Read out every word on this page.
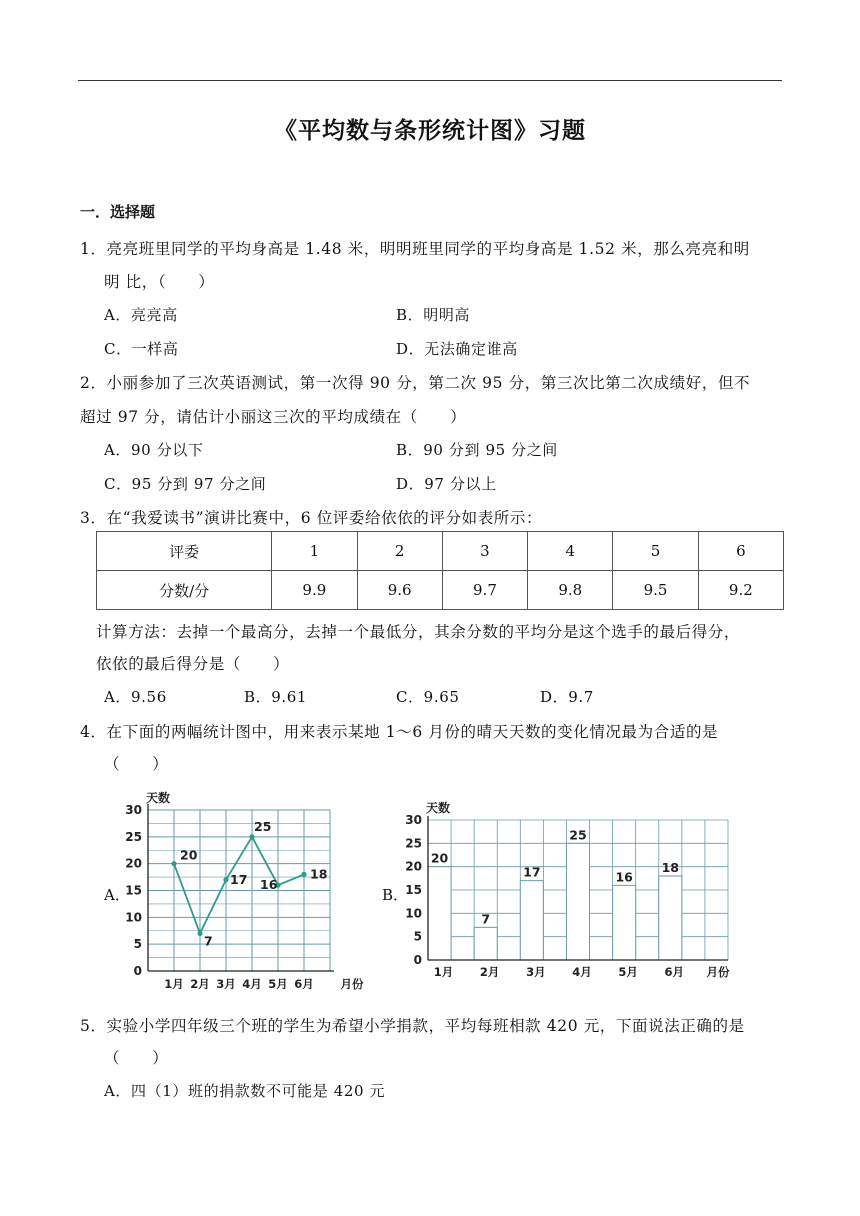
《平均数与条形统计图》习题
一．选择题
1．亮亮班里同学的平均身高是 1.48 米，明明班里同学的平均身高是 1.52 米，那么亮亮和明
明 比，（　　）
A．亮亮高	B．明明高
C．一样高	D．无法确定谁高
2．小丽参加了三次英语测试，第一次得 90 分，第二次 95 分，第三次比第二次成绩好，但不
超过 97 分，请估计小丽这三次的平均成绩在（　　）
A．90 分以下	B．90 分到 95 分之间
C．95 分到 97 分之间	D．97 分以上
3．在“我爱读书”演讲比赛中，6 位评委给依依的评分如表所示：
评委	1	2	3	4	5	6
分数/分	9.9	9.6	9.7	9.8	9.5	9.2
计算方法：去掉一个最高分，去掉一个最低分，其余分数的平均分是这个选手的最后得分，
依依的最后得分是（　　）
A．9.56	B．9.61	C．9.65	D．9.7
4．在下面的两幅统计图中，用来表示某地 1～6 月份的晴天天数的变化情况最为合适的是
（　　）
A．
天数
0
5
10
15
20
25
30
1月 2月 3月 4月 5月 6月 月份
20
7
17
25
16
18
B．
20
1月
7
2月
17
3月
25
4月
16
5月
18
6月
天数
0
5
10
15
20
25
30
月份
5．实验小学四年级三个班的学生为希望小学捐款，平均每班相款 420 元，下面说法正确的是
（　　）
A．四（1）班的捐款数不可能是 420 元
